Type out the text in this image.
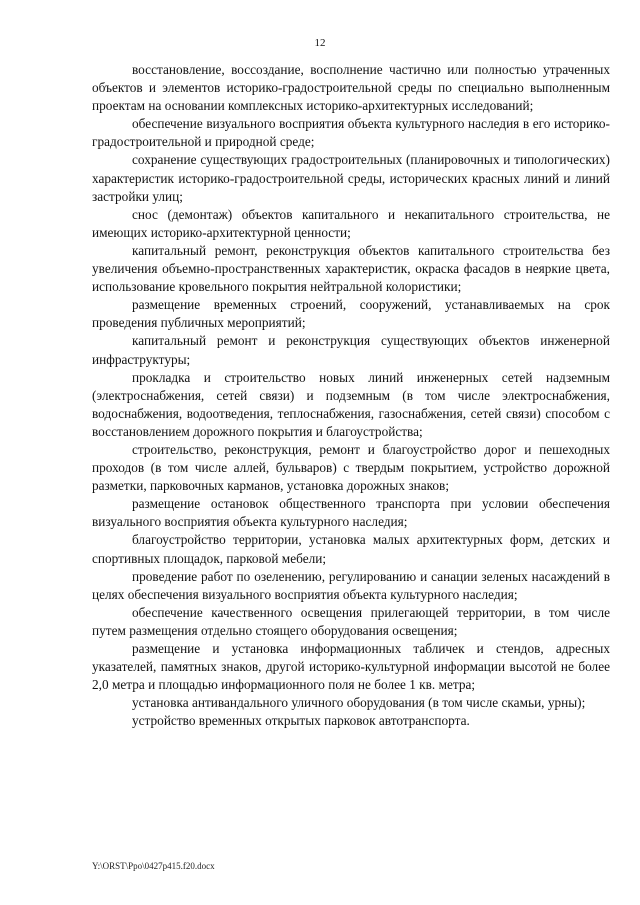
12

восстановление, воссоздание, восполнение частично или полностью утраченных объектов и элементов историко-градостроительной среды по специально выполненным проектам на основании комплексных историко-архитектурных исследований;

обеспечение визуального восприятия объекта культурного наследия в его историко-градостроительной и природной среде;

сохранение существующих градостроительных (планировочных и типологических) характеристик историко-градостроительной среды, исторических красных линий и линий застройки улиц;

снос (демонтаж) объектов капитального и некапитального строительства, не имеющих историко-архитектурной ценности;

капитальный ремонт, реконструкция объектов капитального строительства без увеличения объемно-пространственных характеристик, окраска фасадов в неяркие цвета, использование кровельного покрытия нейтральной колористики;

размещение временных строений, сооружений, устанавливаемых на срок проведения публичных мероприятий;

капитальный ремонт и реконструкция существующих объектов инженерной инфраструктуры;

прокладка и строительство новых линий инженерных сетей надземным (электроснабжения, сетей связи) и подземным (в том числе электроснабжения, водоснабжения, водоотведения, теплоснабжения, газоснабжения, сетей связи) способом с восстановлением дорожного покрытия и благоустройства;

строительство, реконструкция, ремонт и благоустройство дорог и пешеходных проходов (в том числе аллей, бульваров) с твердым покрытием, устройство дорожной разметки, парковочных карманов, установка дорожных знаков;

размещение остановок общественного транспорта при условии обеспечения визуального восприятия объекта культурного наследия;

благоустройство территории, установка малых архитектурных форм, детских и спортивных площадок, парковой мебели;

проведение работ по озеленению, регулированию и санации зеленых насаждений в целях обеспечения визуального восприятия объекта культурного наследия;

обеспечение качественного освещения прилегающей территории, в том числе путем размещения отдельно стоящего оборудования освещения;

размещение и установка информационных табличек и стендов, адресных указателей, памятных знаков, другой историко-культурной информации высотой не более 2,0 метра и площадью информационного поля не более 1 кв. метра;

установка антивандального уличного оборудования (в том числе скамьи, урны);

устройство временных открытых парковок автотранспорта.

Y:\ORST\Ppo\0427p415.f20.docx
